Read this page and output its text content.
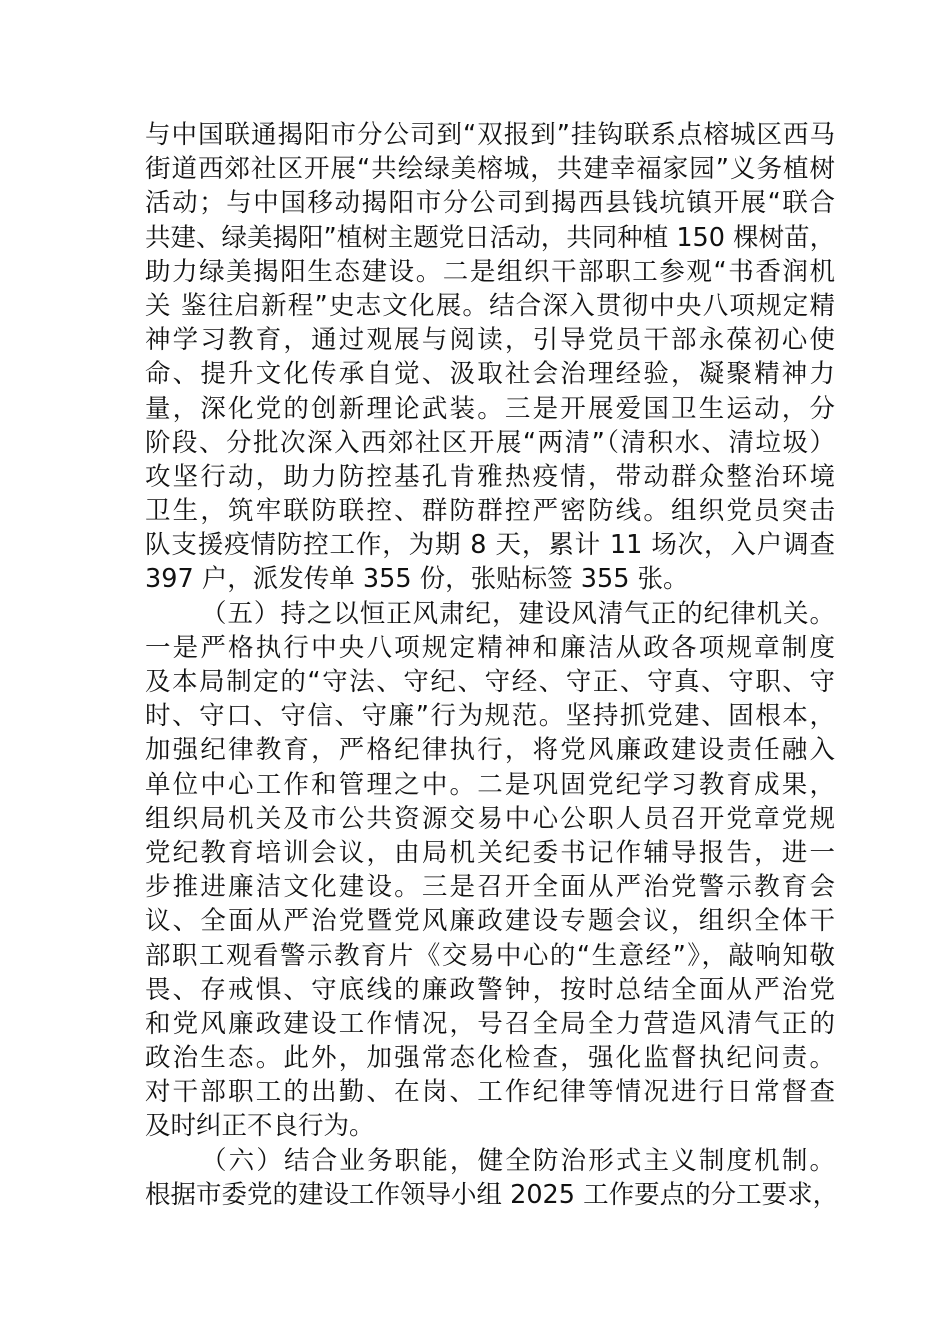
与中国联通揭阳市分公司到“双报到”挂钩联系点榕城区西马
街道西郊社区开展“共绘绿美榕城，共建幸福家园”义务植树
活动；与中国移动揭阳市分公司到揭西县钱坑镇开展“联合
共建、绿美揭阳”植树主题党日活动，共同种植 150 棵树苗，
助力绿美揭阳生态建设。二是组织干部职工参观“书香润机
关 鉴往启新程”史志文化展。结合深入贯彻中央八项规定精
神学习教育，通过观展与阅读，引导党员干部永葆初心使
命、提升文化传承自觉、汲取社会治理经验，凝聚精神力
量，深化党的创新理论武装。三是开展爱国卫生运动，分
阶段、分批次深入西郊社区开展“两清”（清积水、清垃圾）
攻坚行动，助力防控基孔肯雅热疫情，带动群众整治环境
卫生，筑牢联防联控、群防群控严密防线。组织党员突击
队支援疫情防控工作，为期 8 天，累计 11 场次，入户调查
397 户，派发传单 355 份，张贴标签 355 张。
（五）持之以恒正风肃纪，建设风清气正的纪律机关。
一是严格执行中央八项规定精神和廉洁从政各项规章制度
及本局制定的“守法、守纪、守经、守正、守真、守职、守
时、守口、守信、守廉”行为规范。坚持抓党建、固根本，
加强纪律教育，严格纪律执行，将党风廉政建设责任融入
单位中心工作和管理之中。二是巩固党纪学习教育成果，
组织局机关及市公共资源交易中心公职人员召开党章党规
党纪教育培训会议，由局机关纪委书记作辅导报告，进一
步推进廉洁文化建设。三是召开全面从严治党警示教育会
议、全面从严治党暨党风廉政建设专题会议，组织全体干
部职工观看警示教育片《交易中心的“生意经”》，敲响知敬
畏、存戒惧、守底线的廉政警钟，按时总结全面从严治党
和党风廉政建设工作情况，号召全局全力营造风清气正的
政治生态。此外，加强常态化检查，强化监督执纪问责。
对干部职工的出勤、在岗、工作纪律等情况进行日常督查
及时纠正不良行为。
（六）结合业务职能，健全防治形式主义制度机制。
根据市委党的建设工作领导小组 2025 工作要点的分工要求，
